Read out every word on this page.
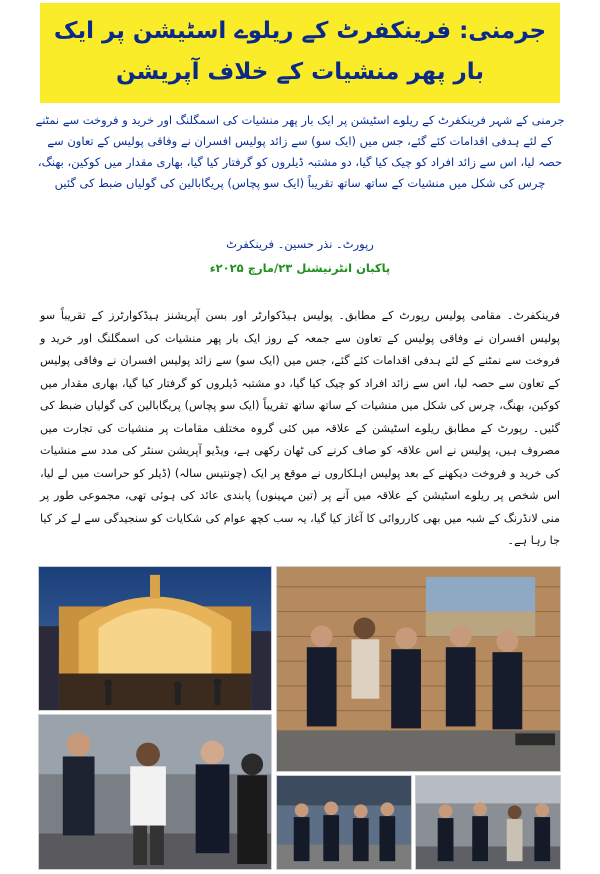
جرمنی: فرینکفرٹ کے ریلوے اسٹیشن پر ایک بار پھر منشیات کے خلاف آپریشن

جرمنی کے شہر فرینکفرٹ کے ریلوے اسٹیشن پر ایک بار پھر منشیات کی اسمگلنگ اور خرید و فروخت سے نمٹنے کے لئے ہدفی اقدامات کئے گئے، جس میں (ایک سو) سے زائد پولیس افسران نے وفاقی پولیس کے تعاون سے حصہ لیا، اس سے زائد افراد کو چیک کیا گیا، دو مشتبہ ڈیلروں کو گرفتار کیا گیا، بھاری مقدار میں کوکین، بھنگ، چرس کی شکل میں منشیات کے ساتھ ساتھ تقریباً (ایک سو پچاس) پریگابالین کی گولیاں ضبط کی گئیں

رپورٹ۔ نذر حسین۔ فرینکفرٹ
پاکبان انٹرنیشنل ۲۳/مارچ ۲۰۲۵ء

فرینکفرٹ۔ مقامی پولیس رپورٹ کے مطابق۔ پولیس ہیڈکوارٹر اور بسن آپریشنز ہیڈکوارٹرز کے تقریباً سو پولیس افسران نے وفاقی پولیس کے تعاون سے جمعہ کے روز ایک بار پھر منشیات کی اسمگلنگ اور خرید و فروخت سے نمٹنے کے لئے ہدفی اقدامات کئے گئے، جس میں (ایک سو) سے زائد پولیس افسران نے وفاقی پولیس کے تعاون سے حصہ لیا، اس سے زائد افراد کو چیک کیا گیا، دو مشتبہ ڈیلروں کو گرفتار کیا گیا، بھاری مقدار میں کوکین، بھنگ، چرس کی شکل میں منشیات کے ساتھ ساتھ تقریباً (ایک سو پچاس) پریگابالین کی گولیاں ضبط کی گئیں۔ رپورٹ کے مطابق ریلوے اسٹیشن کے علاقہ میں کئی گروہ مختلف مقامات پر منشیات کی تجارت میں مصروف ہیں، پولیس نے اس علاقہ کو صاف کرنے کی ٹھان رکھی ہے، ویڈیو آپریشن سنٹر کی مدد سے منشیات کی خرید و فروخت دیکھنے کے بعد پولیس اہلکاروں نے موقع پر ایک (چونتیس سالہ) (ڈیلر کو حراست میں لے لیا، اس شخص پر ریلوے اسٹیشن کے علاقہ میں آنے پر (تین مہینوں) پابندی عائد کی ہوئی تھی، مجموعی طور پر منی لانڈرنگ کے شبہ میں بھی کارروائی کا آغاز کیا گیا، یہ سب کچھ عوام کی شکایات کو سنجیدگی سے لے کر کیا جا رہا ہے۔
